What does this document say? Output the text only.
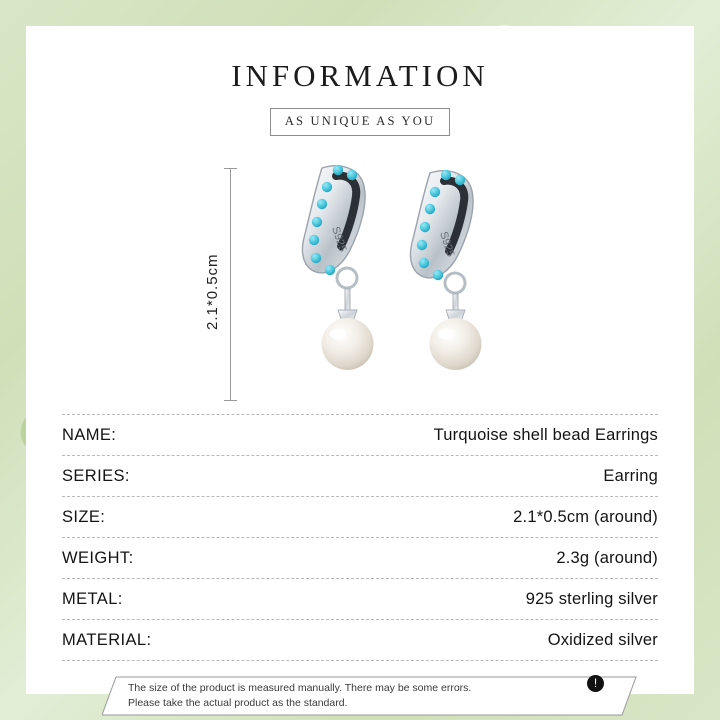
INFORMATION
AS UNIQUE AS YOU
2.1*0.5cm
S925	S925
NAME:	Turquoise shell bead Earrings
SERIES:	Earring
SIZE:	2.1*0.5cm (around)
WEIGHT:	2.3g (around)
METAL:	925 sterling silver
MATERIAL:	Oxidized silver
The size of the product is measured manually. There may be some errors.
Please take the actual product as the standard.
!
